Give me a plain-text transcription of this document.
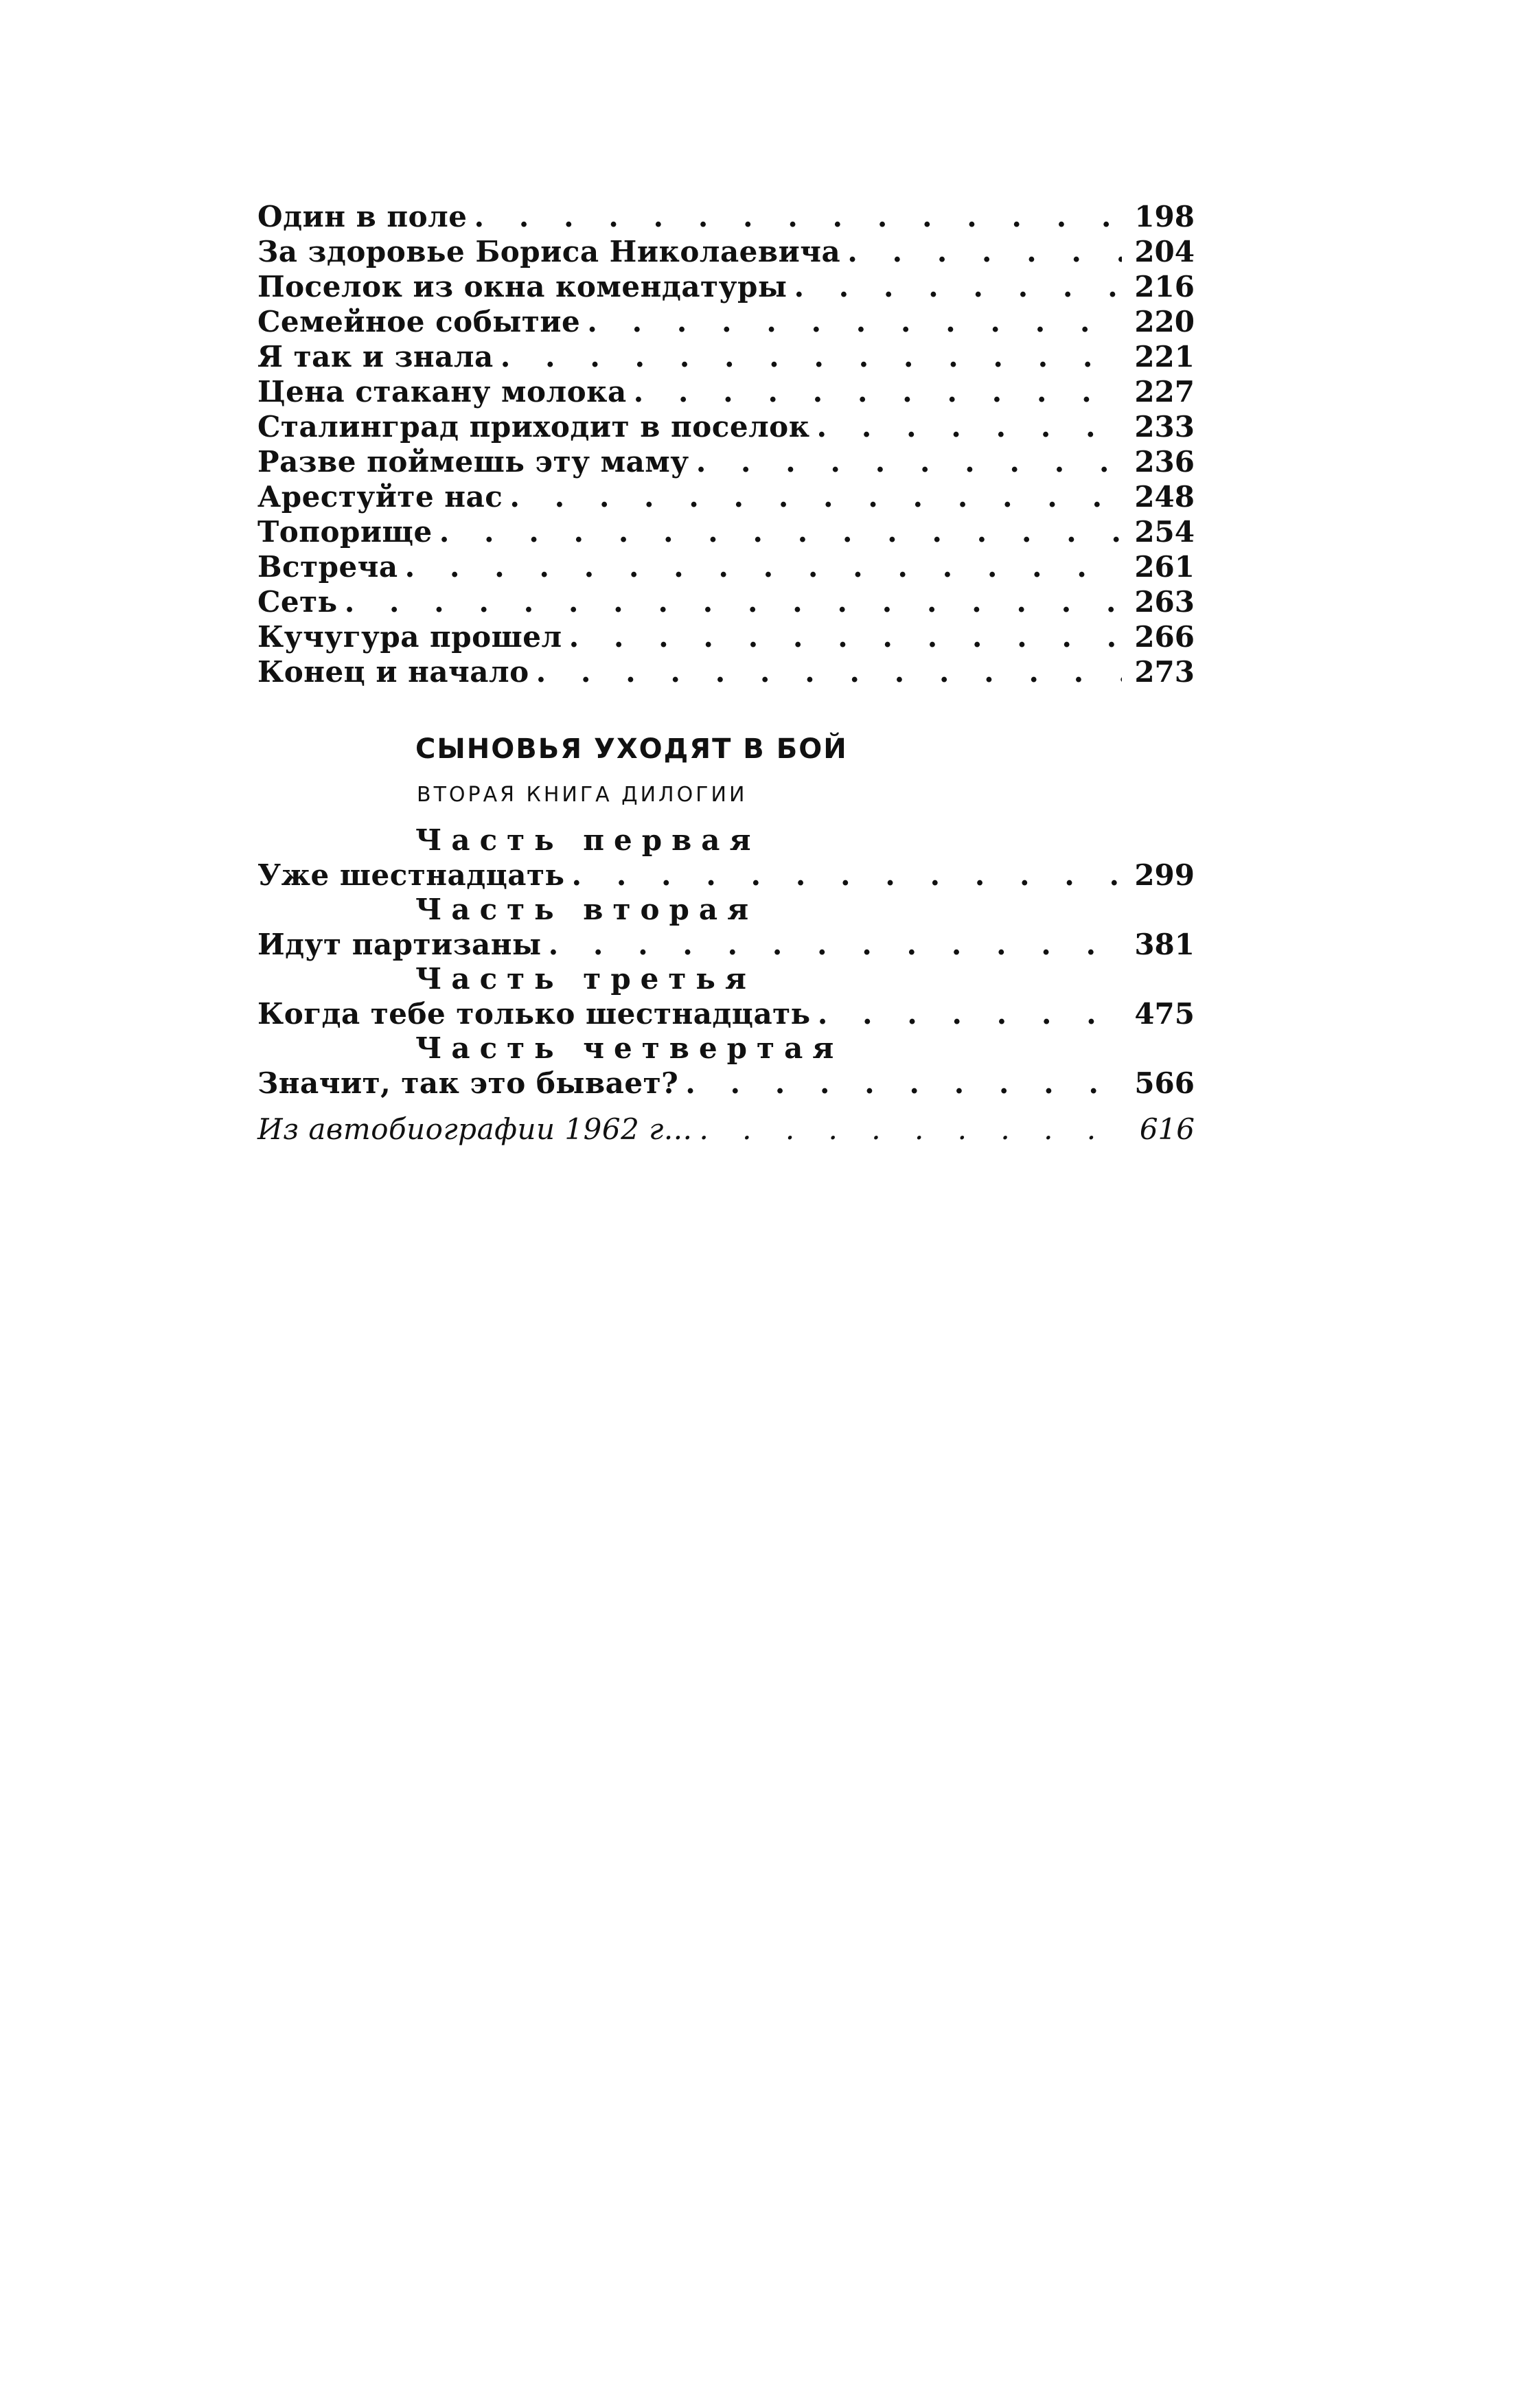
Один в поле . . .	198
За здоровье Бориса Николаевича . . .	204
Поселок из окна комендатуры . . .	216
Семейное событие . . .	220
Я так и знала . . .	221
Цена стакану молока . . .	227
Сталинград приходит в поселок . . .	233
Разве поймешь эту маму . . .	236
Арестуйте нас . . .	248
Топорище . . .	254
Встреча . . .	261
Сеть . . .	263
Кучугура прошел . . .	266
Конец и начало . . .	273
СЫНОВЬЯ УХОДЯТ В БОЙ
ВТОРАЯ КНИГА ДИЛОГИИ
Часть первая
Уже шестнадцать . . .	299
Часть вторая
Идут партизаны . . .	381
Часть третья
Когда тебе только шестнадцать . . .	475
Часть четвертая
Значит, так это бывает? . . .	566
Из автобиографии 1962 г... . . .	616
